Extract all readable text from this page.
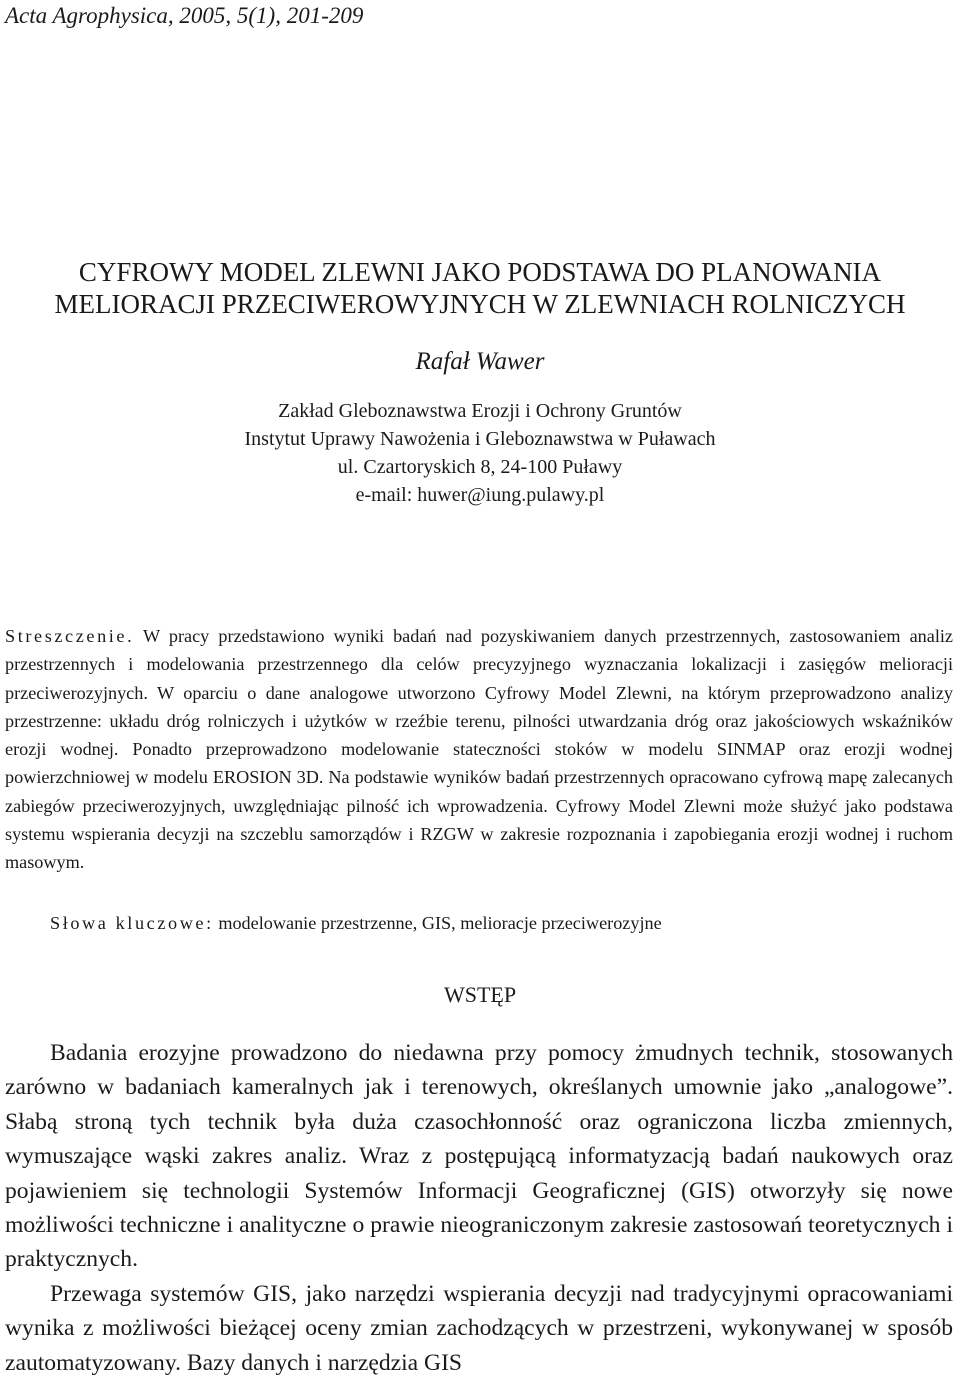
Acta Agrophysica, 2005, 5(1), 201-209
CYFROWY MODEL ZLEWNI JAKO PODSTAWA DO PLANOWANIA
MELIORACJI PRZECIWEROWYJNYCH W ZLEWNIACH ROLNICZYCH
Rafał Wawer
Zakład Gleboznawstwa Erozji i Ochrony Gruntów
Instytut Uprawy Nawożenia i Gleboznawstwa w Puławach
ul. Czartoryskich 8, 24-100 Puławy
e-mail: huwer@iung.pulawy.pl
Streszczenie. W pracy przedstawiono wyniki badań nad pozyskiwaniem danych przestrzennych, zastosowaniem analiz przestrzennych i modelowania przestrzennego dla celów precyzyjnego wyznaczania lokalizacji i zasięgów melioracji przeciwerozyjnych. W oparciu o dane analogowe utworzono Cyfrowy Model Zlewni, na którym przeprowadzono analizy przestrzenne: układu dróg rolniczych i użytków w rzeźbie terenu, pilności utwardzania dróg oraz jakościowych wskaźników erozji wodnej. Ponadto przeprowadzono modelowanie stateczności stoków w modelu SINMAP oraz erozji wodnej powierzchniowej w modelu EROSION 3D. Na podstawie wyników badań przestrzennych opracowano cyfrową mapę zalecanych zabiegów przeciwerozyjnych, uwzględniając pilność ich wprowadzenia. Cyfrowy Model Zlewni może służyć jako podstawa systemu wspierania decyzji na szczeblu samorządów i RZGW w zakresie rozpoznania i zapobiegania erozji wodnej i ruchom masowym.
Słowa kluczowe: modelowanie przestrzenne, GIS, melioracje przeciwerozyjne
WSTĘP

Badania erozyjne prowadzono do niedawna przy pomocy żmudnych technik, stosowanych zarówno w badaniach kameralnych jak i terenowych, określanych umownie jako „analogowe”. Słabą stroną tych technik była duża czasochłonność oraz ograniczona liczba zmiennych, wymuszające wąski zakres analiz. Wraz z postępującą informatyzacją badań naukowych oraz pojawieniem się technologii Systemów Informacji Geograficznej (GIS) otworzyły się nowe możliwości techniczne i analityczne o prawie nieograniczonym zakresie zastosowań teoretycznych i praktycznych.

Przewaga systemów GIS, jako narzędzi wspierania decyzji nad tradycyjnymi opracowaniami wynika z możliwości bieżącej oceny zmian zachodzących w przestrzeni, wykonywanej w sposób zautomatyzowany. Bazy danych i narzędzia GIS
